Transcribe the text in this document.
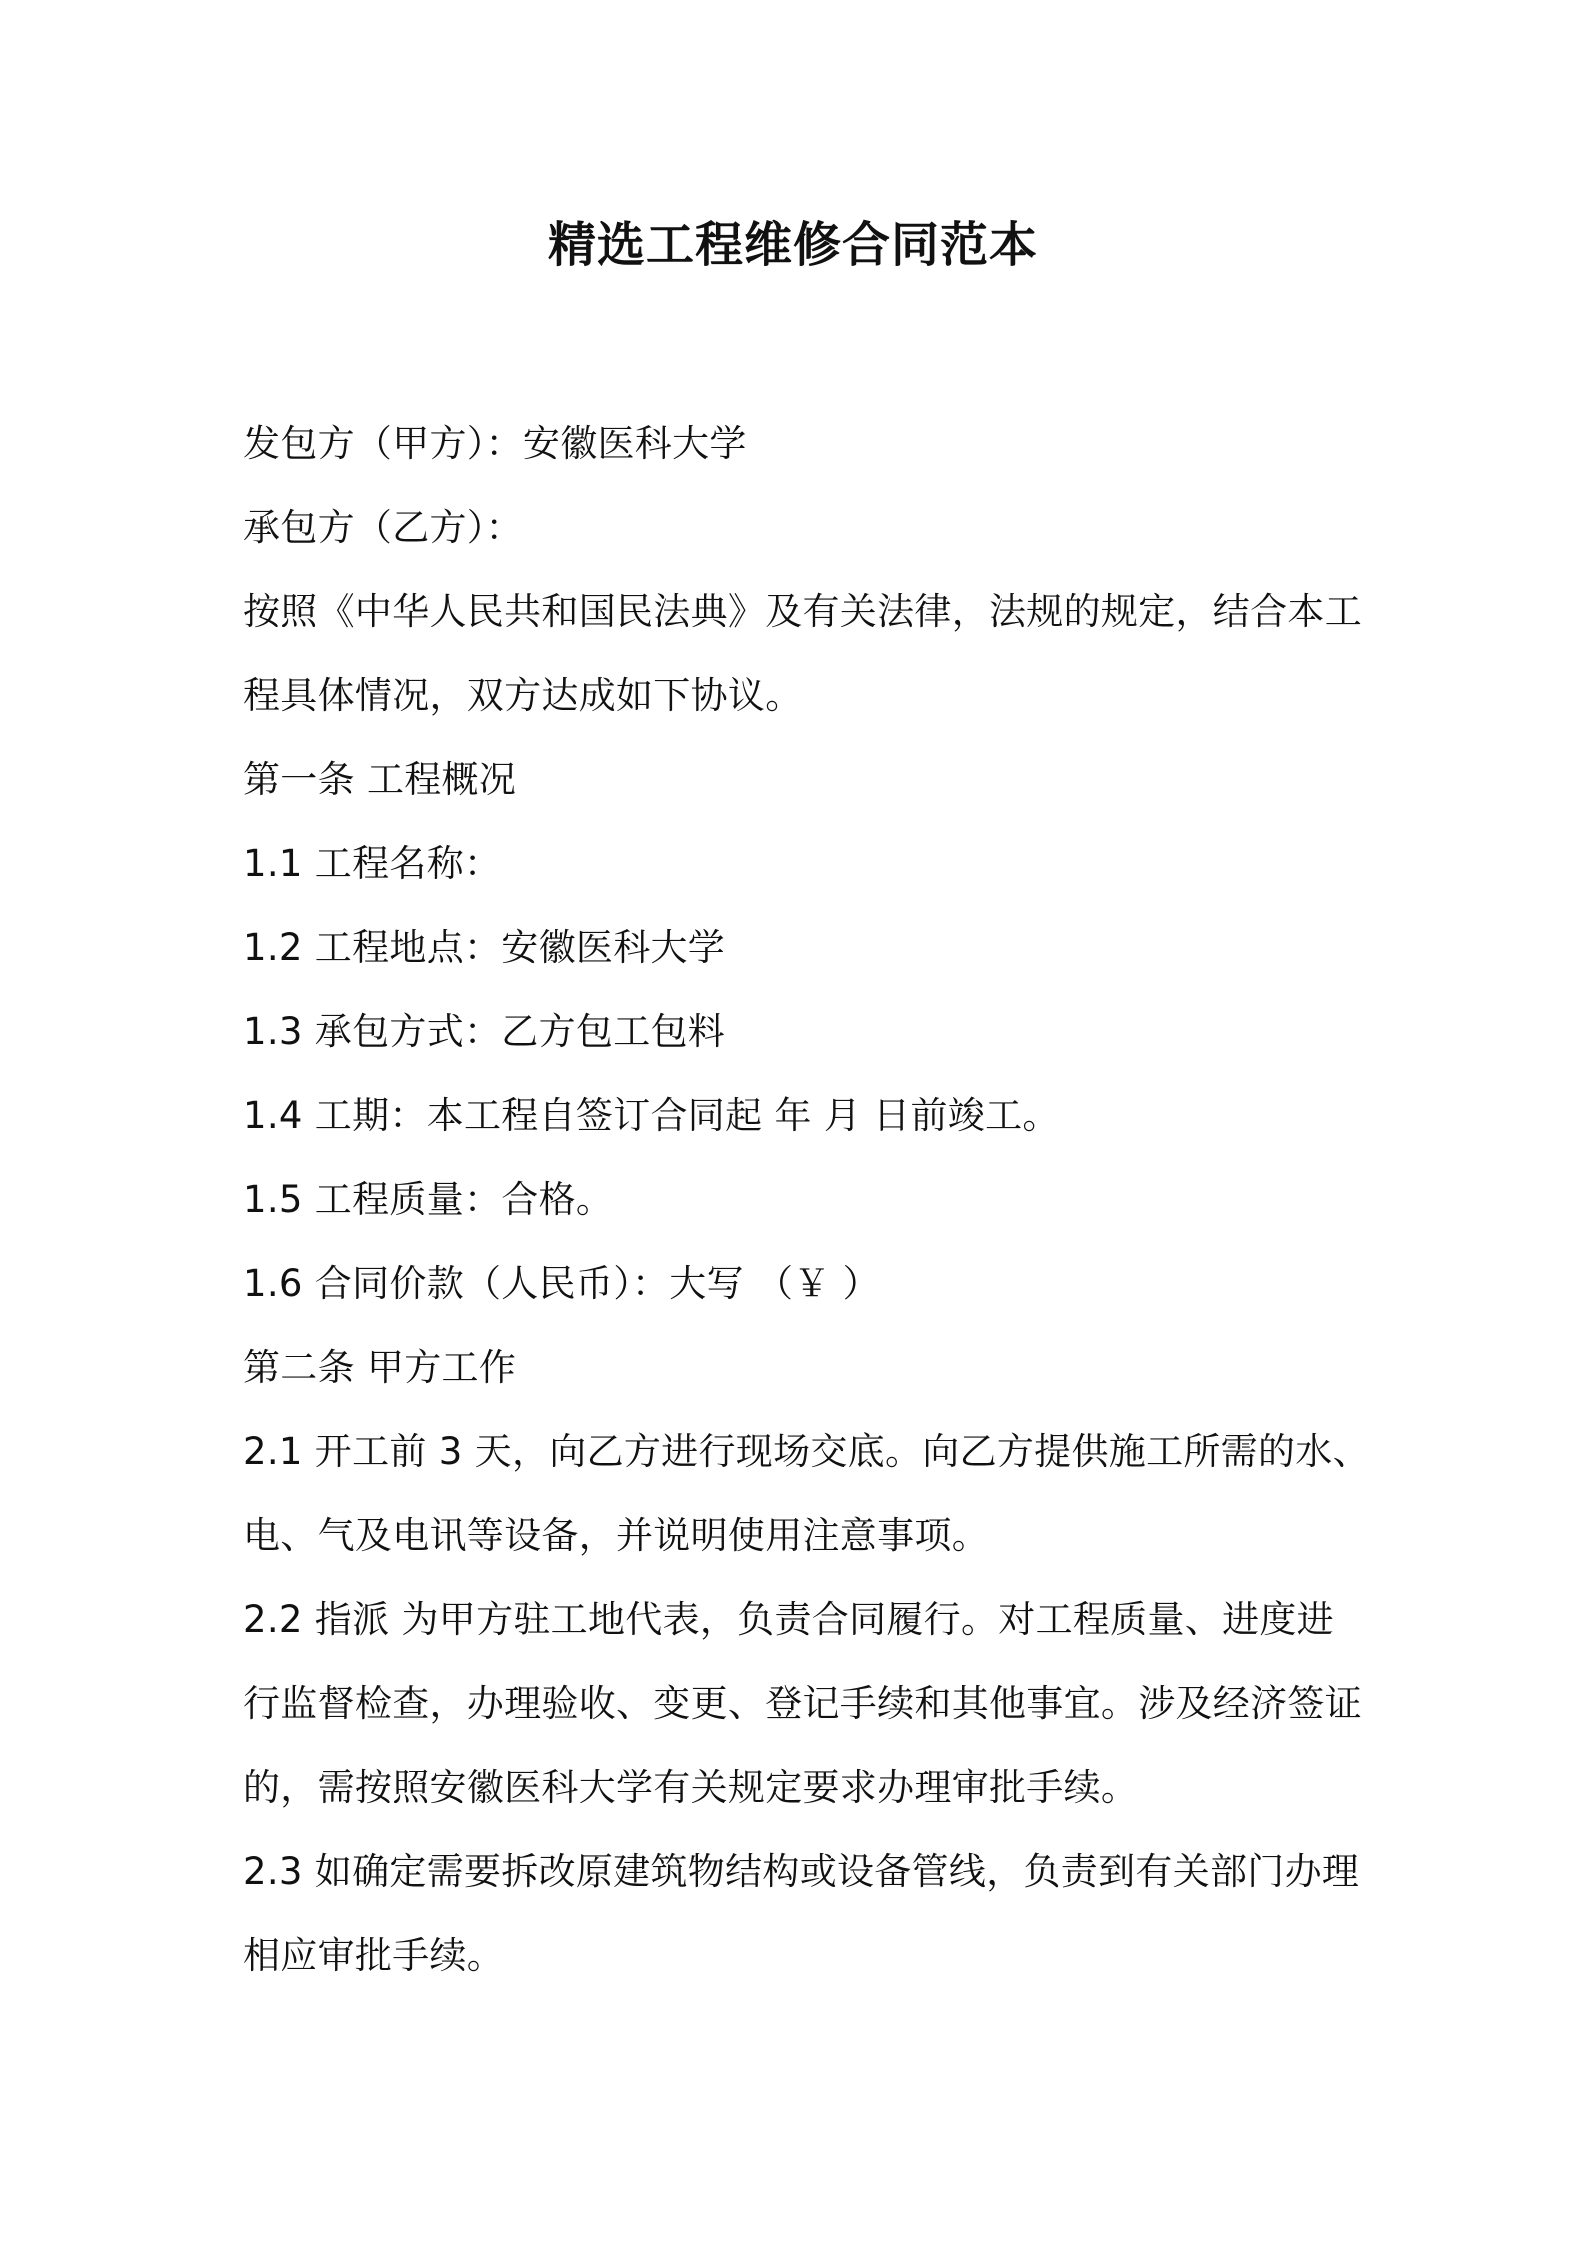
精选工程维修合同范本
发包方（甲方）：安徽医科大学
承包方（乙方）：
按照《中华人民共和国民法典》及有关法律，法规的规定，结合本工
程具体情况，双方达成如下协议。
第一条 工程概况
1.1 工程名称：
1.2 工程地点：安徽医科大学
1.3 承包方式：乙方包工包料
1.4 工期：本工程自签订合同起 年 月 日前竣工。
1.5 工程质量：合格。
1.6 合同价款（人民币）：大写 （￥ ）
第二条 甲方工作
2.1 开工前 3 天，向乙方进行现场交底。向乙方提供施工所需的水、
电、气及电讯等设备，并说明使用注意事项。
2.2 指派 为甲方驻工地代表，负责合同履行。对工程质量、进度进
行监督检查，办理验收、变更、登记手续和其他事宜。涉及经济签证
的，需按照安徽医科大学有关规定要求办理审批手续。
2.3 如确定需要拆改原建筑物结构或设备管线，负责到有关部门办理
相应审批手续。
